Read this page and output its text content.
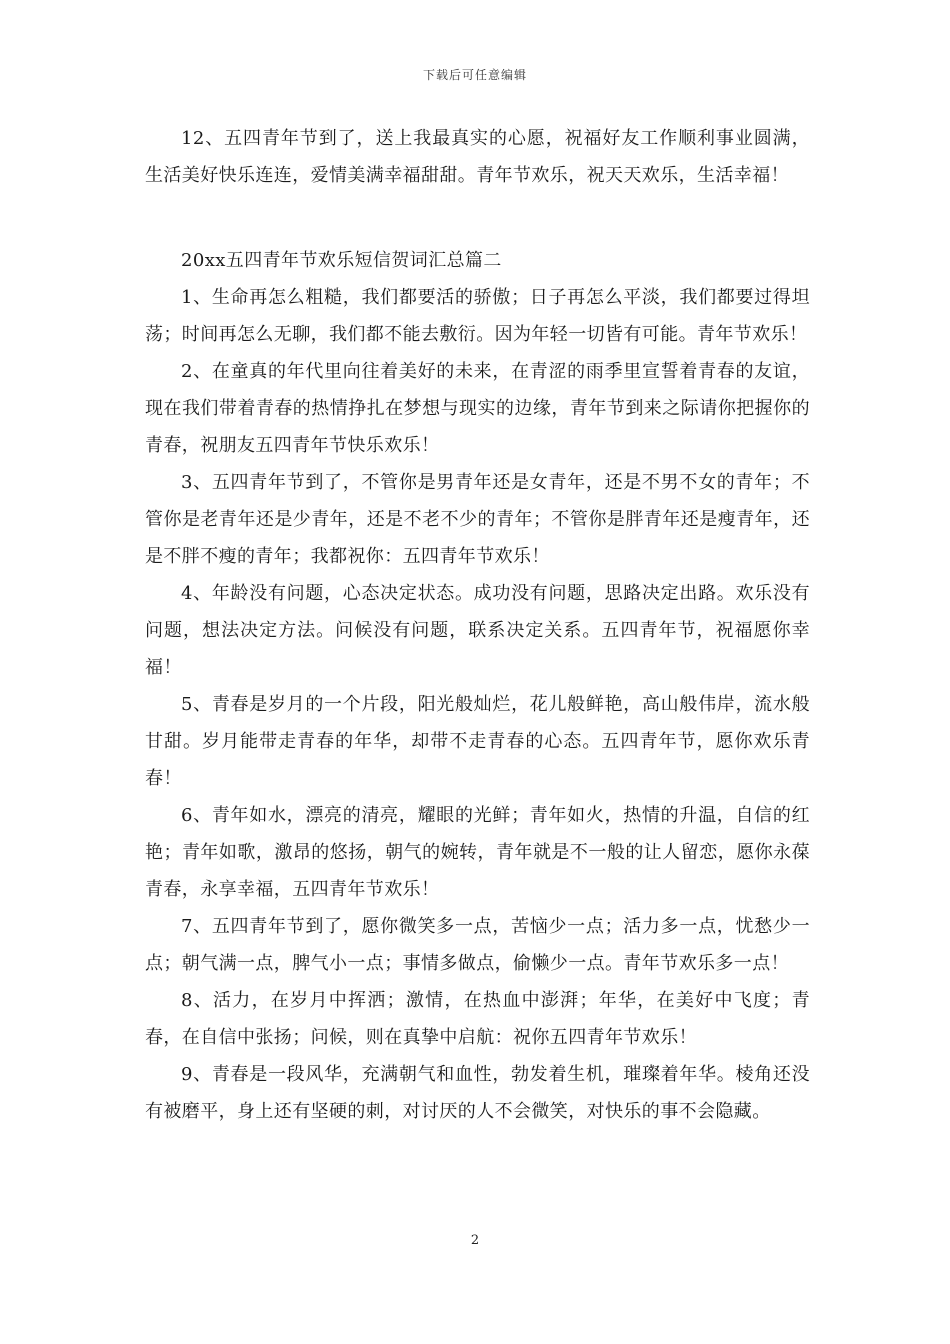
下载后可任意编辑

12、五四青年节到了，送上我最真实的心愿，祝福好友工作顺利事业圆满，生活美好快乐连连，爱情美满幸福甜甜。青年节欢乐，祝天天欢乐，生活幸福！

20xx五四青年节欢乐短信贺词汇总篇二

1、生命再怎么粗糙，我们都要活的骄傲；日子再怎么平淡，我们都要过得坦荡；时间再怎么无聊，我们都不能去敷衍。因为年轻一切皆有可能。青年节欢乐！

2、在童真的年代里向往着美好的未来，在青涩的雨季里宣誓着青春的友谊，现在我们带着青春的热情挣扎在梦想与现实的边缘，青年节到来之际请你把握你的青春，祝朋友五四青年节快乐欢乐！

3、五四青年节到了，不管你是男青年还是女青年，还是不男不女的青年；不管你是老青年还是少青年，还是不老不少的青年；不管你是胖青年还是瘦青年，还是不胖不瘦的青年；我都祝你：五四青年节欢乐！

4、年龄没有问题，心态决定状态。成功没有问题，思路决定出路。欢乐没有问题，想法决定方法。问候没有问题，联系决定关系。五四青年节，祝福愿你幸福！

5、青春是岁月的一个片段，阳光般灿烂，花儿般鲜艳，高山般伟岸，流水般甘甜。岁月能带走青春的年华，却带不走青春的心态。五四青年节，愿你欢乐青春！

6、青年如水，漂亮的清亮，耀眼的光鲜；青年如火，热情的升温，自信的红艳；青年如歌，激昂的悠扬，朝气的婉转，青年就是不一般的让人留恋，愿你永葆青春，永享幸福，五四青年节欢乐！

7、五四青年节到了，愿你微笑多一点，苦恼少一点；活力多一点，忧愁少一点；朝气满一点，脾气小一点；事情多做点，偷懒少一点。青年节欢乐多一点！

8、活力，在岁月中挥洒；激情，在热血中澎湃；年华，在美好中飞度；青春，在自信中张扬；问候，则在真挚中启航：祝你五四青年节欢乐！

9、青春是一段风华，充满朝气和血性，勃发着生机，璀璨着年华。棱角还没有被磨平，身上还有坚硬的刺，对讨厌的人不会微笑，对快乐的事不会隐藏。

2
